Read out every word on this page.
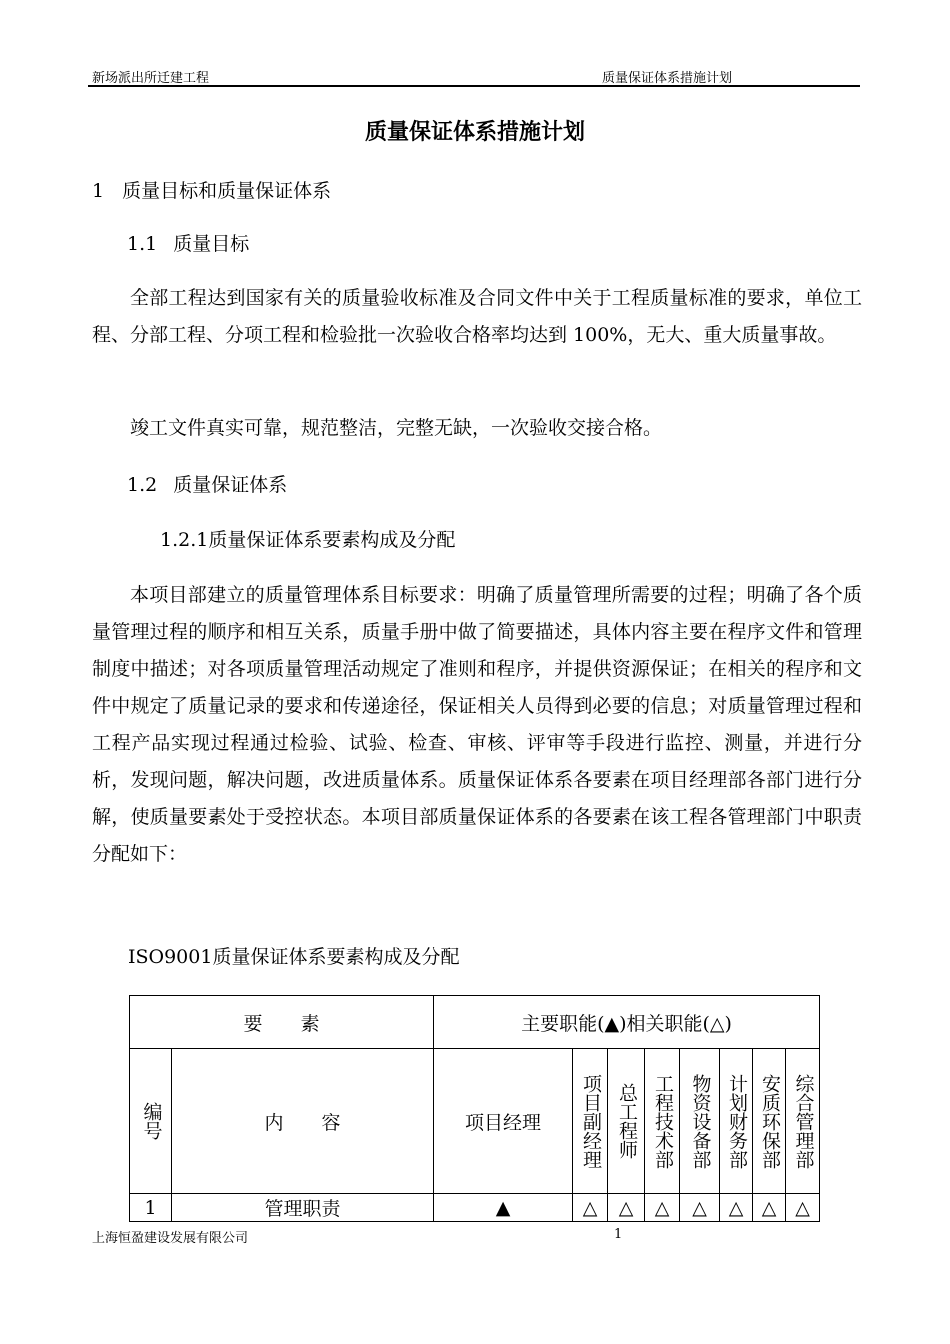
新场派出所迁建工程	质量保证体系措施计划
质量保证体系措施计划
1 质量目标和质量保证体系
1.1 质量目标
全部工程达到国家有关的质量验收标准及合同文件中关于工程质量标准的要求，单位工程、分部工程、分项工程和检验批一次验收合格率均达到 100%，无大、重大质量事故。
竣工文件真实可靠，规范整洁，完整无缺，一次验收交接合格。
1.2 质量保证体系
1.2.1质量保证体系要素构成及分配
本项目部建立的质量管理体系目标要求：明确了质量管理所需要的过程；明确了各个质量管理过程的顺序和相互关系，质量手册中做了简要描述，具体内容主要在程序文件和管理制度中描述；对各项质量管理活动规定了准则和程序，并提供资源保证；在相关的程序和文件中规定了质量记录的要求和传递途径，保证相关人员得到必要的信息；对质量管理过程和工程产品实现过程通过检验、试验、检查、审核、评审等手段进行监控、测量，并进行分析，发现问题，解决问题，改进质量体系。质量保证体系各要素在项目经理部各部门进行分解，使质量要素处于受控状态。本项目部质量保证体系的各要素在该工程各管理部门中职责分配如下：
ISO9001质量保证体系要素构成及分配
要　　素		主要职能(▲)相关职能(△)							

编号	内　　容	项目经理	项目副经理	总工程师	工程技术部	物资设备部	计划财务部	安质环保部	综合管理部

1	管理职责	▲	△	△	△	△	△	△	△
上海恒盈建设发展有限公司	1
